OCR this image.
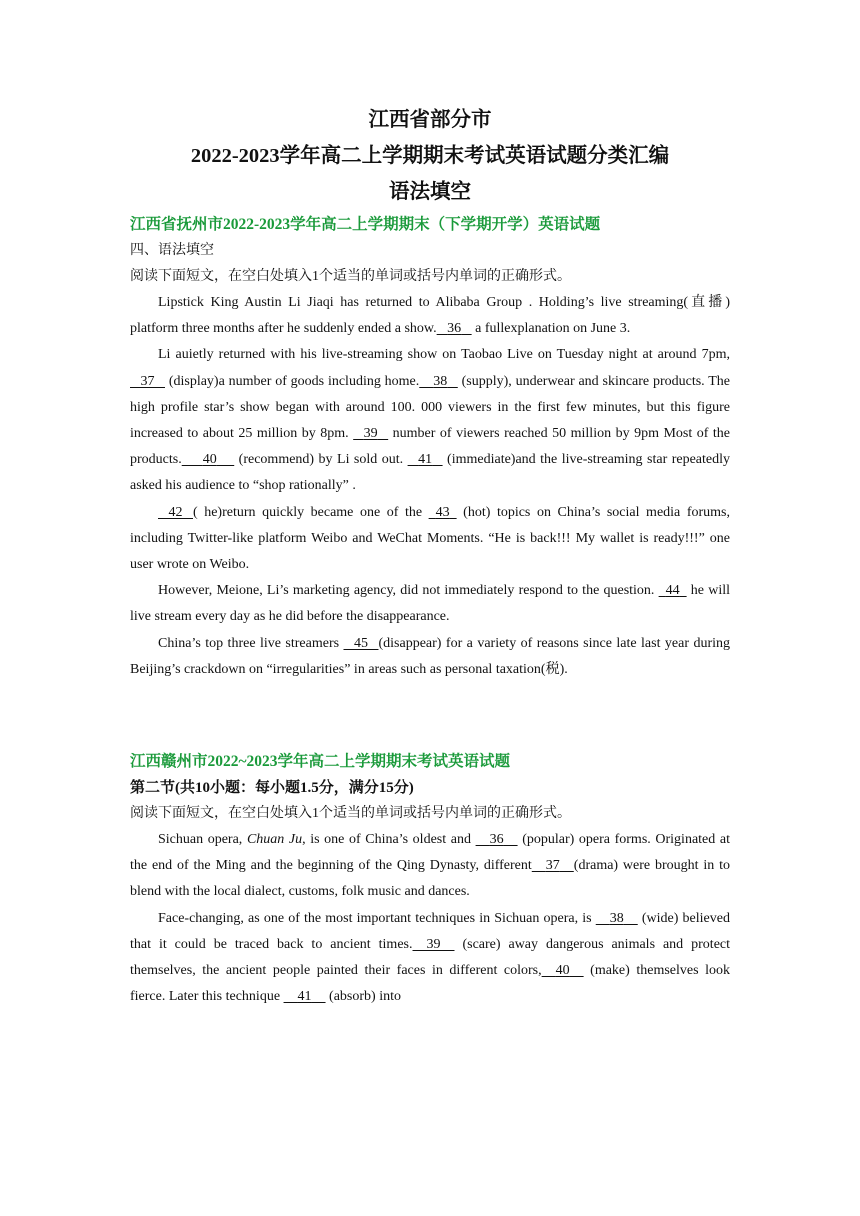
江西省部分市
2022-2023学年高二上学期期末考试英语试题分类汇编
语法填空
江西省抚州市2022-2023学年高二上学期期末（下学期开学）英语试题
四、语法填空
阅读下面短文，在空白处填入1个适当的单词或括号内单词的正确形式。

Lipstick King Austin Li Jiaqi has returned to Alibaba Group . Holding’s live streaming(直播) platform three months after he suddenly ended a show. 36    a fullexplanation on June 3.

Li auietly returned with his live-streaming show on Taobao Live on Tuesday night at around 7pm,    37    (display)a number of goods including home. 38    (supply), underwear and skincare products. The high profile star’s show began with around 100. 000 viewers in the first few minutes, but this figure increased to about 25 million by 8pm.    39    number of viewers reached 50 million by 9pm Most of the products. 40      (recommend) by Li sold out.    41    (immediate)and the live-streaming star repeatedly asked his audience to “shop rationally” .

42 ( he)return quickly became one of the   43   (hot) topics on China’s social media forums, including Twitter-like platform Weibo and WeChat Moments. “He is back!!! My wallet is ready!!!” one user wrote on Weibo.

However, Meione, Li’s marketing agency, did not immediately respond to the question.   44   he will live stream every day as he did before the disappearance.

China’s top three live streamers    45 (disappear) for a variety of reasons since late last year during Beijing’s crackdown on “irregularities” in areas such as personal taxation(税).

江西赣州市2022~2023学年高二上学期期末考试英语试题
第二节(共10小题：每小题1.5分，满分15分)
阅读下面短文，在空白处填入1个适当的单词或括号内单词的正确形式。

Sichuan opera, Chuan Ju, is one of China’s oldest and     36     (popular) opera forms. Originated at the end of the Ming and the beginning of the Qing Dynasty, different 37 (drama) were brought in to blend with the local dialect, customs, folk music and dances.

Face-changing, as one of the most important techniques in Sichuan opera, is     38     (wide) believed that it could be traced back to ancient times. 39     (scare) away dangerous animals and protect themselves, the ancient people painted their faces in different colors, 40     (make) themselves look fierce. Later this technique     41     (absorb) into
